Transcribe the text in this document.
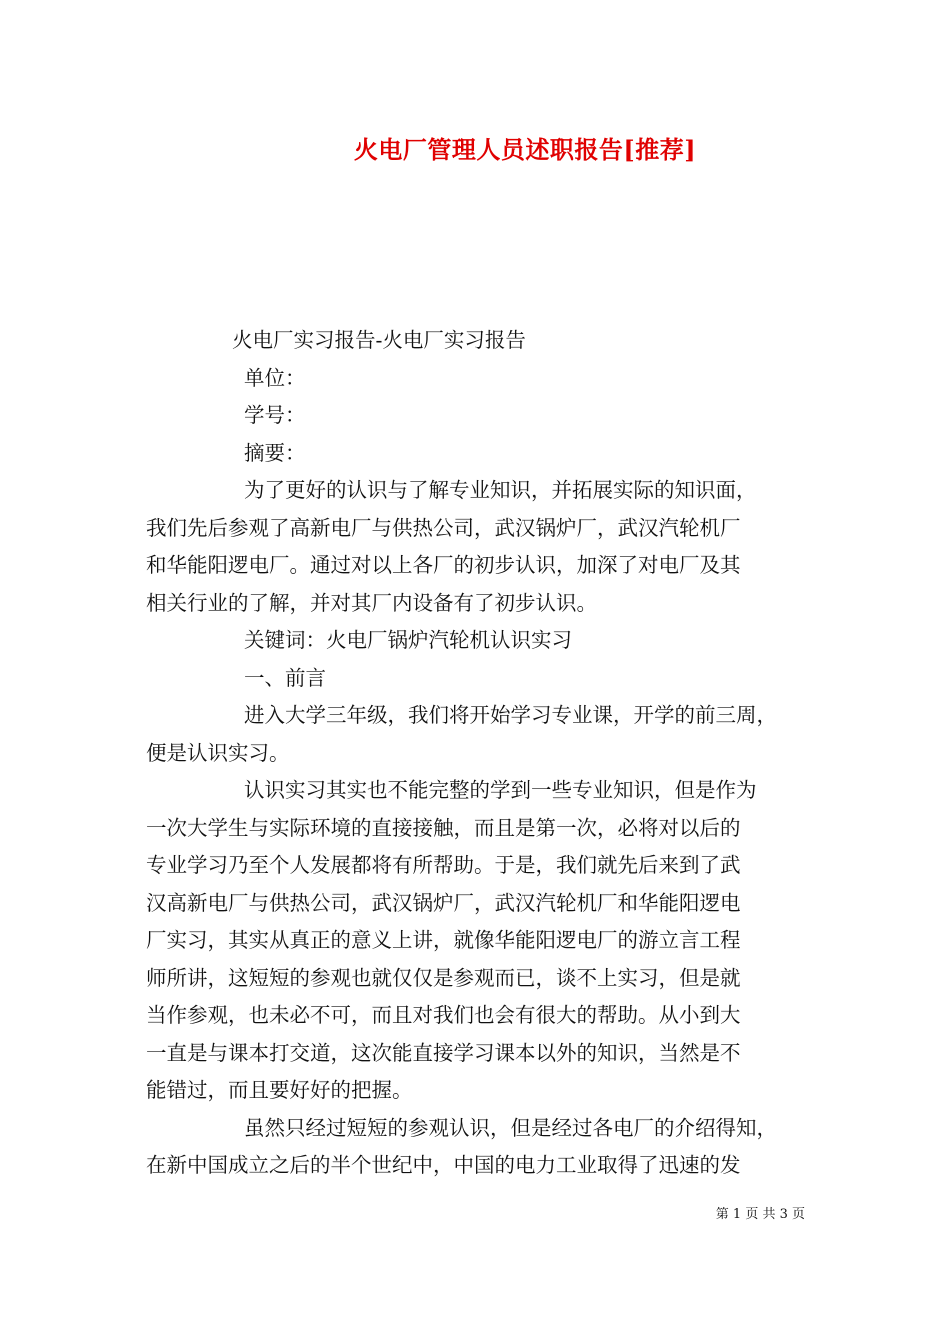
火电厂管理人员述职报告[推荐]
火电厂实习报告-火电厂实习报告
单位：
学号：
摘要：
为了更好的认识与了解专业知识，并拓展实际的知识面，
我们先后参观了高新电厂与供热公司，武汉锅炉厂，武汉汽轮机厂
和华能阳逻电厂。通过对以上各厂的初步认识，加深了对电厂及其
相关行业的了解，并对其厂内设备有了初步认识。
关键词：火电厂锅炉汽轮机认识实习
一、前言
进入大学三年级，我们将开始学习专业课，开学的前三周，
便是认识实习。
认识实习其实也不能完整的学到一些专业知识，但是作为
一次大学生与实际环境的直接接触，而且是第一次，必将对以后的
专业学习乃至个人发展都将有所帮助。于是，我们就先后来到了武
汉高新电厂与供热公司，武汉锅炉厂，武汉汽轮机厂和华能阳逻电
厂实习，其实从真正的意义上讲，就像华能阳逻电厂的游立言工程
师所讲，这短短的参观也就仅仅是参观而已，谈不上实习，但是就
当作参观，也未必不可，而且对我们也会有很大的帮助。从小到大
一直是与课本打交道，这次能直接学习课本以外的知识，当然是不
能错过，而且要好好的把握。
虽然只经过短短的参观认识，但是经过各电厂的介绍得知，
在新中国成立之后的半个世纪中，中国的电力工业取得了迅速的发
第 1 页 共 3 页
